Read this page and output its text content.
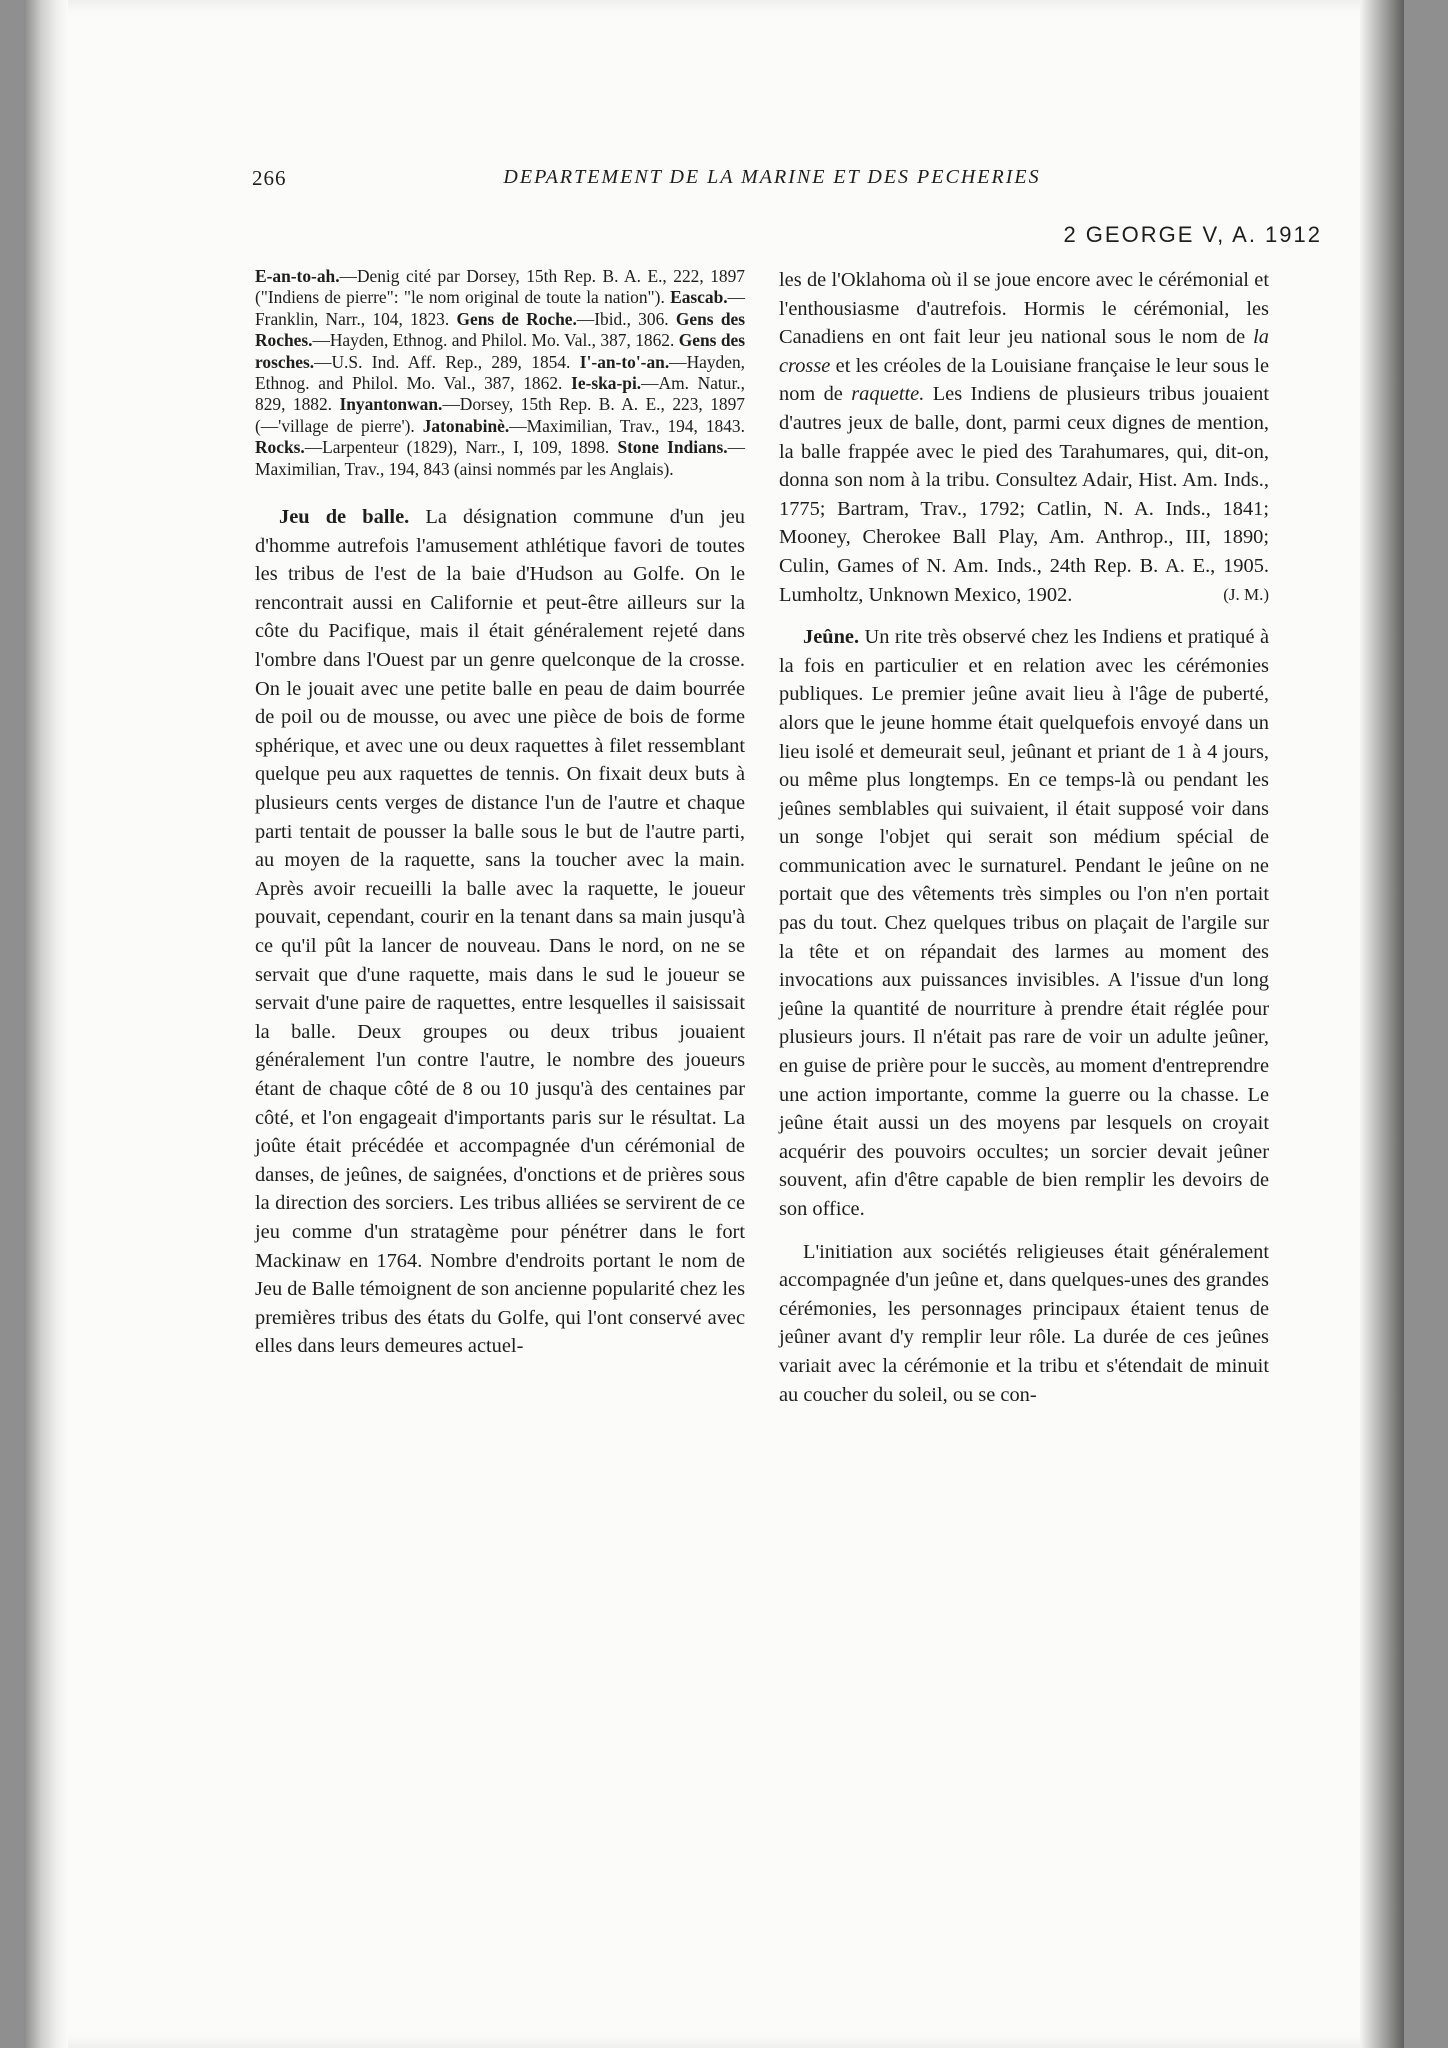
266	DEPARTEMENT DE LA MARINE ET DES PECHERIES
2 GEORGE V, A. 1912

E-an-to-ah.—Denig cité par Dorsey, 15th Rep. B. A. E., 222, 1897 ("Indiens de pierre": "le nom original de toute la nation"). Eascab.—Franklin, Narr., 104, 1823. Gens de Roche.—Ibid., 306. Gens des Roches.—Hayden, Ethnog. and Philol. Mo. Val., 387, 1862. Gens des rosches.—U.S. Ind. Aff. Rep., 289, 1854. I'-an-to'-an.—Hayden, Ethnog. and Philol. Mo. Val., 387, 1862. Ie-ska-pi.—Am. Natur., 829, 1882. Inyantonwan.—Dorsey, 15th Rep. B. A. E., 223, 1897 (—'village de pierre'). Jatonabinè.—Maximilian, Trav., 194, 1843. Rocks.—Larpenteur (1829), Narr., I, 109, 1898. Stone Indians.—Maximilian, Trav., 194, 843 (ainsi nommés par les Anglais).

Jeu de balle. La désignation commune d'un jeu d'homme autrefois l'amusement athlétique favori de toutes les tribus de l'est de la baie d'Hudson au Golfe. On le rencontrait aussi en Californie et peut-être ailleurs sur la côte du Pacifique, mais il était généralement rejeté dans l'ombre dans l'Ouest par un genre quelconque de la crosse. On le jouait avec une petite balle en peau de daim bourrée de poil ou de mousse, ou avec une pièce de bois de forme sphérique, et avec une ou deux raquettes à filet ressemblant quelque peu aux raquettes de tennis. On fixait deux buts à plusieurs cents verges de distance l'un de l'autre et chaque parti tentait de pousser la balle sous le but de l'autre parti, au moyen de la raquette, sans la toucher avec la main. Après avoir recueilli la balle avec la raquette, le joueur pouvait, cependant, courir en la tenant dans sa main jusqu'à ce qu'il pût la lancer de nouveau. Dans le nord, on ne se servait que d'une raquette, mais dans le sud le joueur se servait d'une paire de raquettes, entre lesquelles il saisissait la balle. Deux groupes ou deux tribus jouaient généralement l'un contre l'autre, le nombre des joueurs étant de chaque côté de 8 ou 10 jusqu'à des centaines par côté, et l'on engageait d'importants paris sur le résultat. La joûte était précédée et accompagnée d'un cérémonial de danses, de jeûnes, de saignées, d'onctions et de prières sous la direction des sorciers. Les tribus alliées se servirent de ce jeu comme d'un stratagème pour pénétrer dans le fort Mackinaw en 1764. Nombre d'endroits portant le nom de Jeu de Balle témoignent de son ancienne popularité chez les premières tribus des états du Golfe, qui l'ont conservé avec elles dans leurs demeures actuel-

les de l'Oklahoma où il se joue encore avec le cérémonial et l'enthousiasme d'autrefois. Hormis le cérémonial, les Canadiens en ont fait leur jeu national sous le nom de la crosse et les créoles de la Louisiane française le leur sous le nom de raquette. Les Indiens de plusieurs tribus jouaient d'autres jeux de balle, dont, parmi ceux dignes de mention, la balle frappée avec le pied des Tarahumares, qui, dit-on, donna son nom à la tribu. Consultez Adair, Hist. Am. Inds., 1775; Bartram, Trav., 1792; Catlin, N. A. Inds., 1841; Mooney, Cherokee Ball Play, Am. Anthrop., III, 1890; Culin, Games of N. Am. Inds., 24th Rep. B. A. E., 1905. Lumholtz, Unknown Mexico, 1902.	(J. M.)

Jeûne. Un rite très observé chez les Indiens et pratiqué à la fois en particulier et en relation avec les cérémonies publiques. Le premier jeûne avait lieu à l'âge de puberté, alors que le jeune homme était quelquefois envoyé dans un lieu isolé et demeurait seul, jeûnant et priant de 1 à 4 jours, ou même plus longtemps. En ce temps-là ou pendant les jeûnes semblables qui suivaient, il était supposé voir dans un songe l'objet qui serait son médium spécial de communication avec le surnaturel. Pendant le jeûne on ne portait que des vêtements très simples ou l'on n'en portait pas du tout. Chez quelques tribus on plaçait de l'argile sur la tête et on répandait des larmes au moment des invocations aux puissances invisibles. A l'issue d'un long jeûne la quantité de nourriture à prendre était réglée pour plusieurs jours. Il n'était pas rare de voir un adulte jeûner, en guise de prière pour le succès, au moment d'entreprendre une action importante, comme la guerre ou la chasse. Le jeûne était aussi un des moyens par lesquels on croyait acquérir des pouvoirs occultes; un sorcier devait jeûner souvent, afin d'être capable de bien remplir les devoirs de son office.

L'initiation aux sociétés religieuses était généralement accompagnée d'un jeûne et, dans quelques-unes des grandes cérémonies, les personnages principaux étaient tenus de jeûner avant d'y remplir leur rôle. La durée de ces jeûnes variait avec la cérémonie et la tribu et s'étendait de minuit au coucher du soleil, ou se con-
